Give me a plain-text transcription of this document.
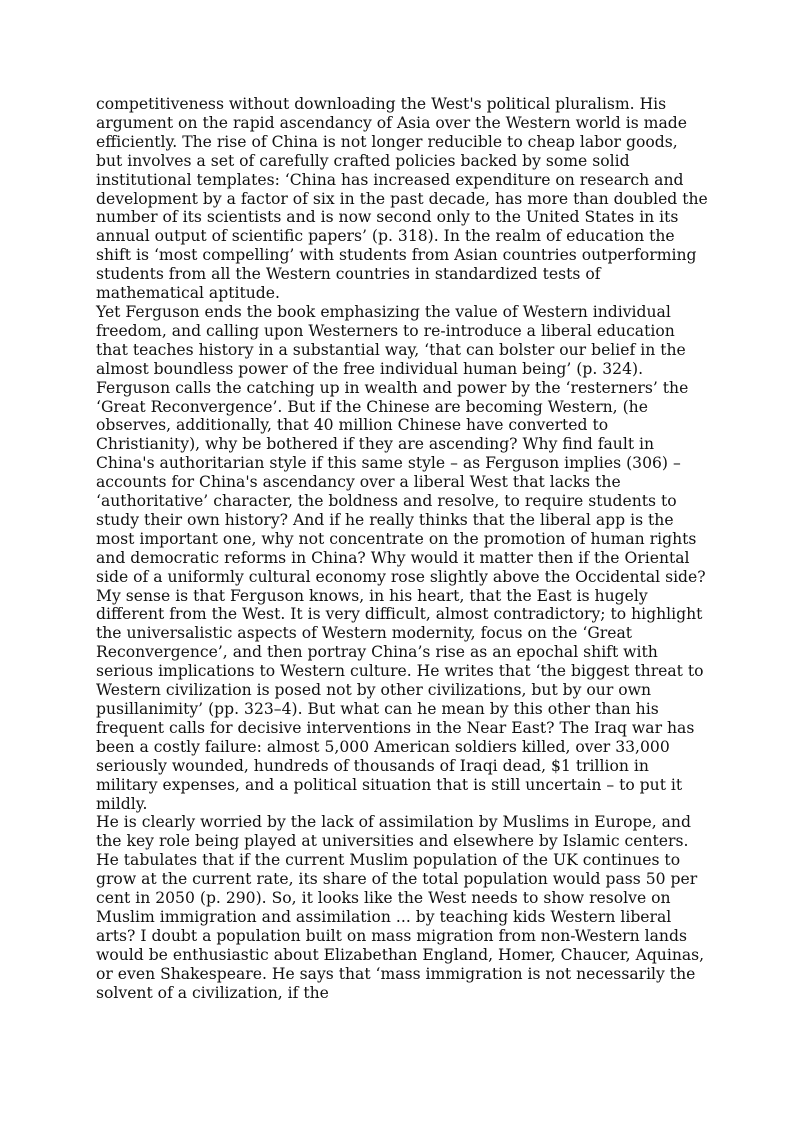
competitiveness without downloading the West's political pluralism. His argument on the rapid ascendancy of Asia over the Western world is made efficiently. The rise of China is not longer reducible to cheap labor goods, but involves a set of carefully crafted policies backed by some solid institutional templates: ‘China has increased expenditure on research and development by a factor of six in the past decade, has more than doubled the number of its scientists and is now second only to the United States in its annual output of scientific papers’ (p. 318). In the realm of education the shift is ‘most compelling’ with students from Asian countries outperforming students from all the Western countries in standardized tests of mathematical aptitude.

Yet Ferguson ends the book emphasizing the value of Western individual freedom, and calling upon Westerners to re-introduce a liberal education that teaches history in a substantial way, ‘that can bolster our belief in the almost boundless power of the free individual human being’ (p. 324). Ferguson calls the catching up in wealth and power by the ‘resterners’ the ‘Great Reconvergence’. But if the Chinese are becoming Western, (he observes, additionally, that 40 million Chinese have converted to Christianity), why be bothered if they are ascending? Why find fault in China's authoritarian style if this same style – as Ferguson implies (306) – accounts for China's ascendancy over a liberal West that lacks the ‘authoritative’ character, the boldness and resolve, to require students to study their own history? And if he really thinks that the liberal app is the most important one, why not concentrate on the promotion of human rights and democratic reforms in China? Why would it matter then if the Oriental side of a uniformly cultural economy rose slightly above the Occidental side?

My sense is that Ferguson knows, in his heart, that the East is hugely different from the West. It is very difficult, almost contradictory; to highlight the universalistic aspects of Western modernity, focus on the ‘Great Reconvergence’, and then portray China’s rise as an epochal shift with serious implications to Western culture. He writes that ‘the biggest threat to Western civilization is posed not by other civilizations, but by our own pusillanimity’ (pp. 323–4). But what can he mean by this other than his frequent calls for decisive interventions in the Near East? The Iraq war has been a costly failure: almost 5,000 American soldiers killed, over 33,000 seriously wounded, hundreds of thousands of Iraqi dead, $1 trillion in military expenses, and a political situation that is still uncertain – to put it mildly.

He is clearly worried by the lack of assimilation by Muslims in Europe, and the key role being played at universities and elsewhere by Islamic centers. He tabulates that if the current Muslim population of the UK continues to grow at the current rate, its share of the total population would pass 50 per cent in 2050 (p. 290). So, it looks like the West needs to show resolve on Muslim immigration and assimilation ... by teaching kids Western liberal arts? I doubt a population built on mass migration from non-Western lands would be enthusiastic about Elizabethan England, Homer, Chaucer, Aquinas, or even Shakespeare. He says that ‘mass immigration is not necessarily the solvent of a civilization, if the
